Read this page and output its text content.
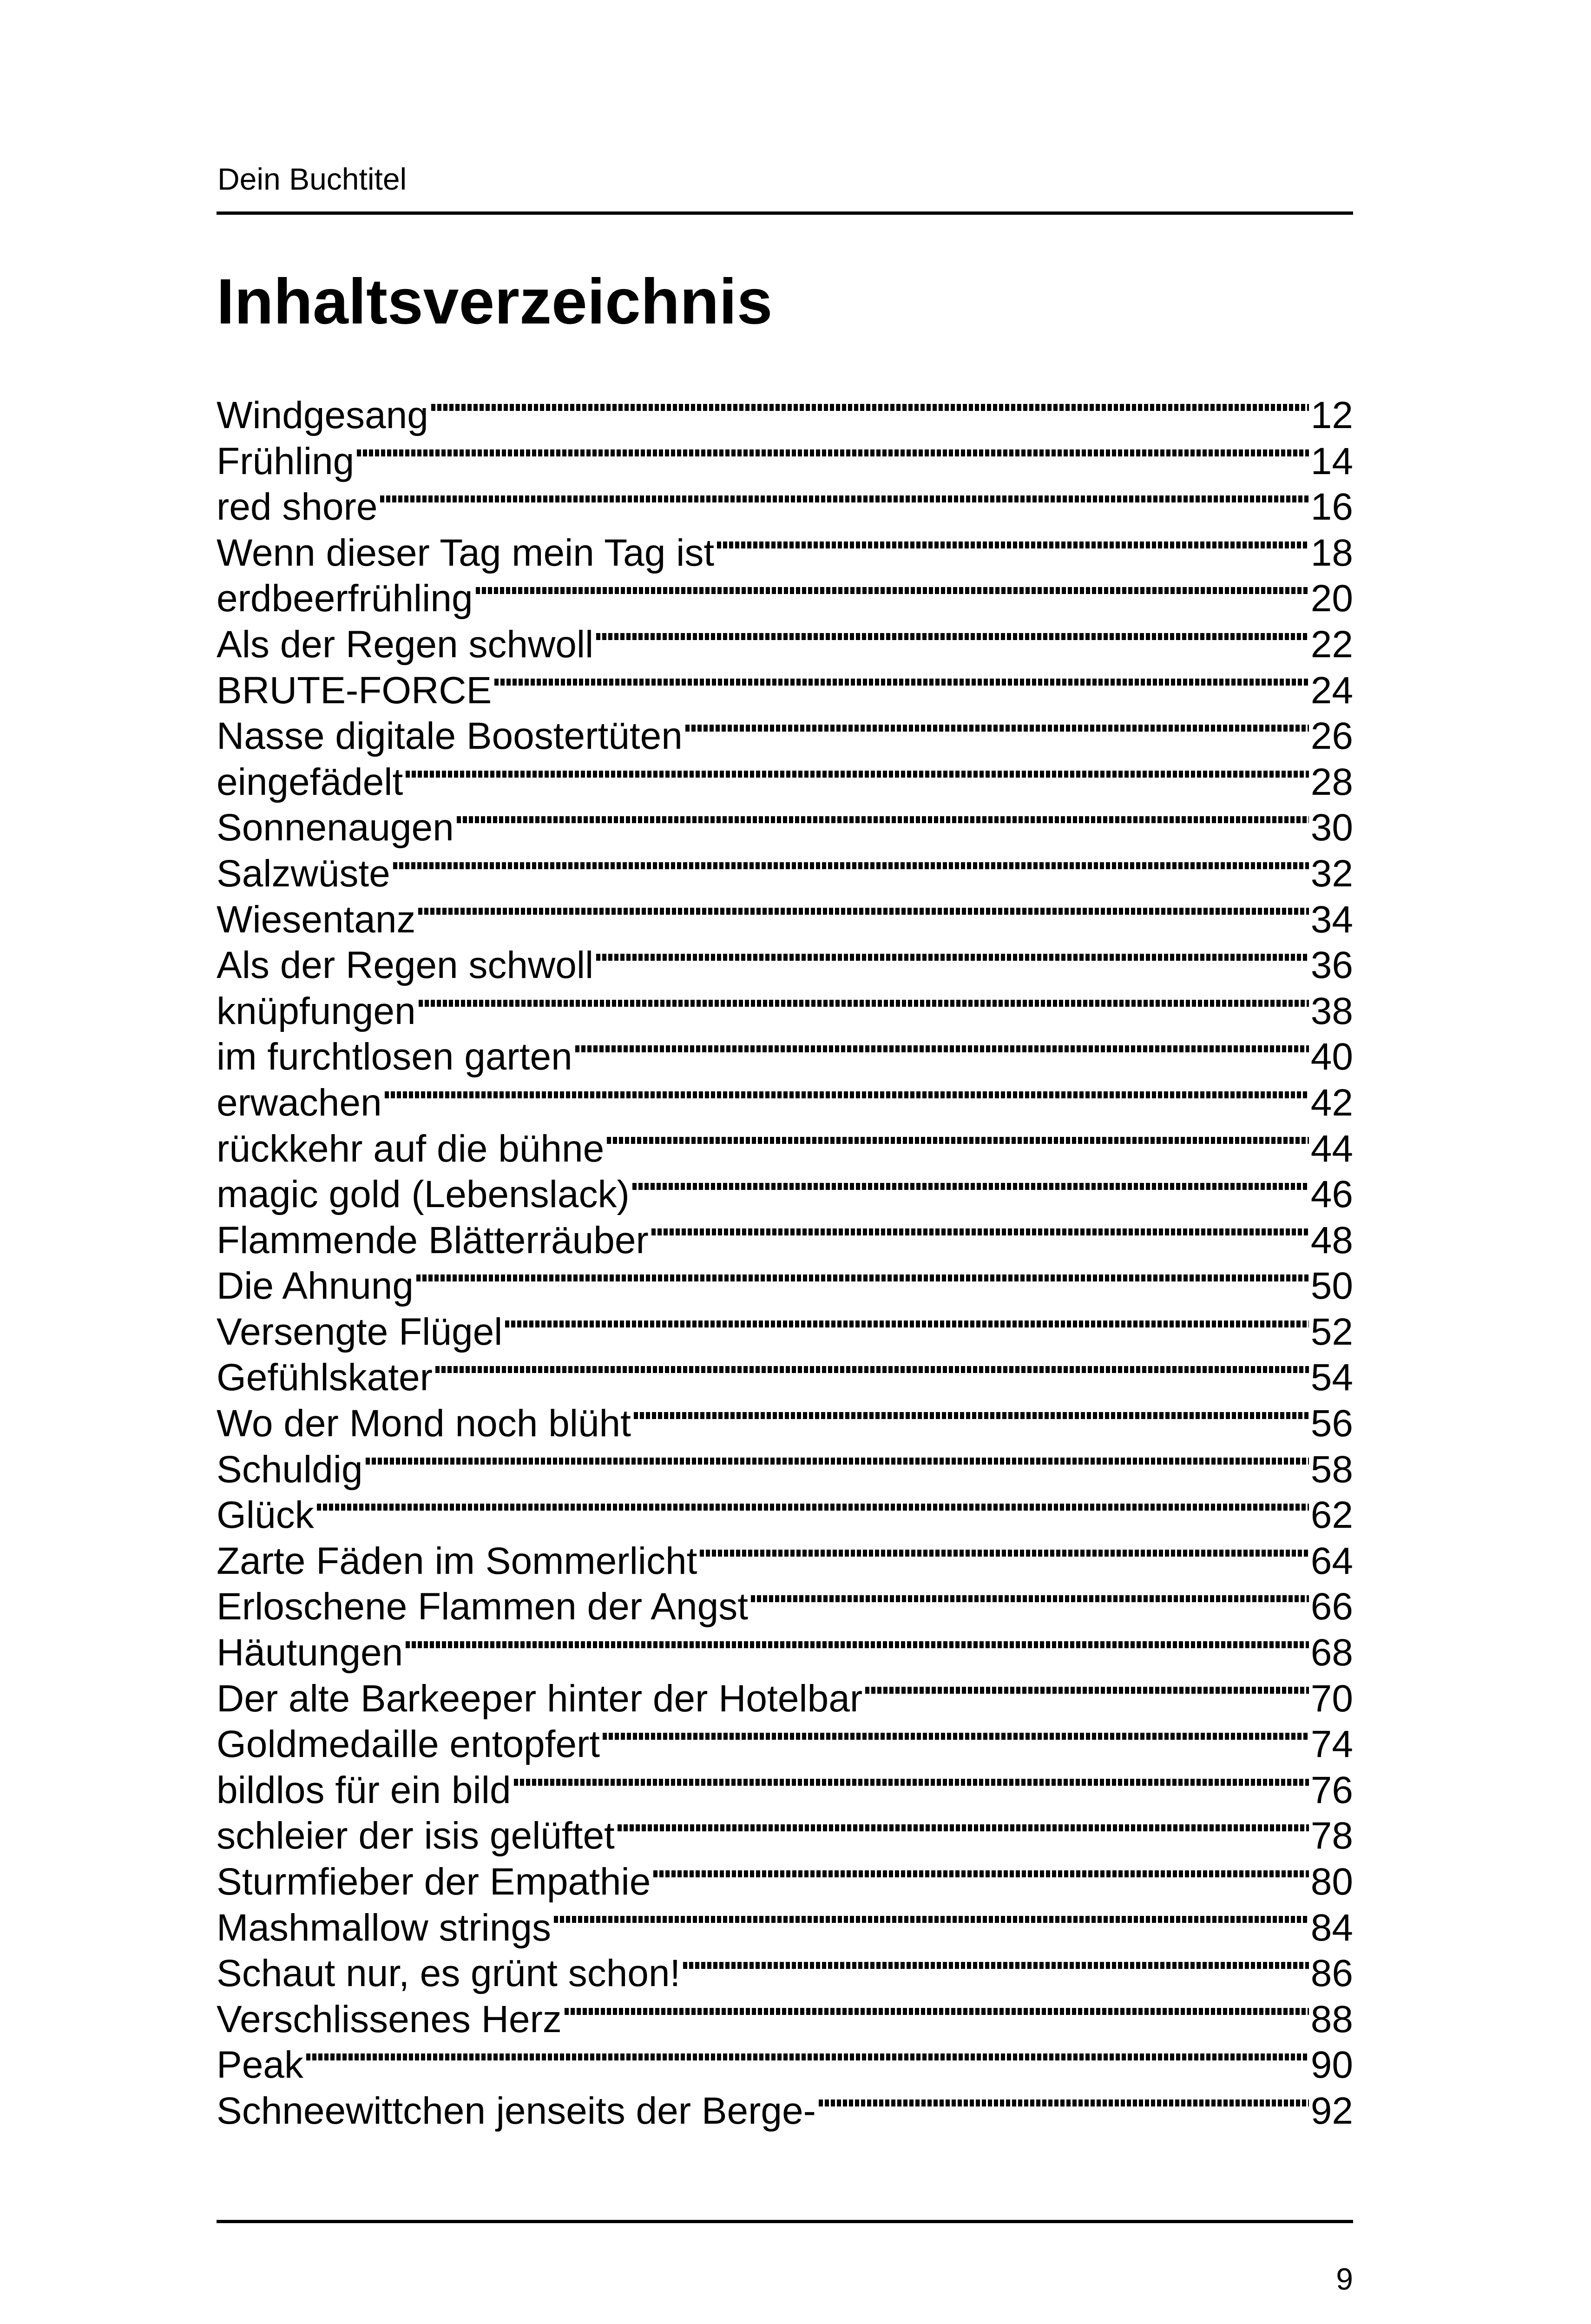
Dein Buchtitel
Inhaltsverzeichnis
Windgesang	12
Frühling	14
red shore	16
Wenn dieser Tag mein Tag ist	18
erdbeerfrühling	20
Als der Regen schwoll	22
BRUTE-FORCE	24
Nasse digitale Boostertüten	26
eingefädelt	28
Sonnenaugen	30
Salzwüste	32
Wiesentanz	34
Als der Regen schwoll	36
knüpfungen	38
im furchtlosen garten	40
erwachen	42
rückkehr auf die bühne	44
magic gold (Lebenslack)	46
Flammende Blätterräuber	48
Die Ahnung	50
Versengte Flügel	52
Gefühlskater	54
Wo der Mond noch blüht	56
Schuldig	58
Glück	62
Zarte Fäden im Sommerlicht	64
Erloschene Flammen der Angst	66
Häutungen	68
Der alte Barkeeper hinter der Hotelbar	70
Goldmedaille entopfert	74
bildlos für ein bild	76
schleier der isis gelüftet	78
Sturmfieber der Empathie	80
Mashmallow strings	84
Schaut nur, es grünt schon!	86
Verschlissenes Herz	88
Peak	90
Schneewittchen jenseits der Berge-	92
9
